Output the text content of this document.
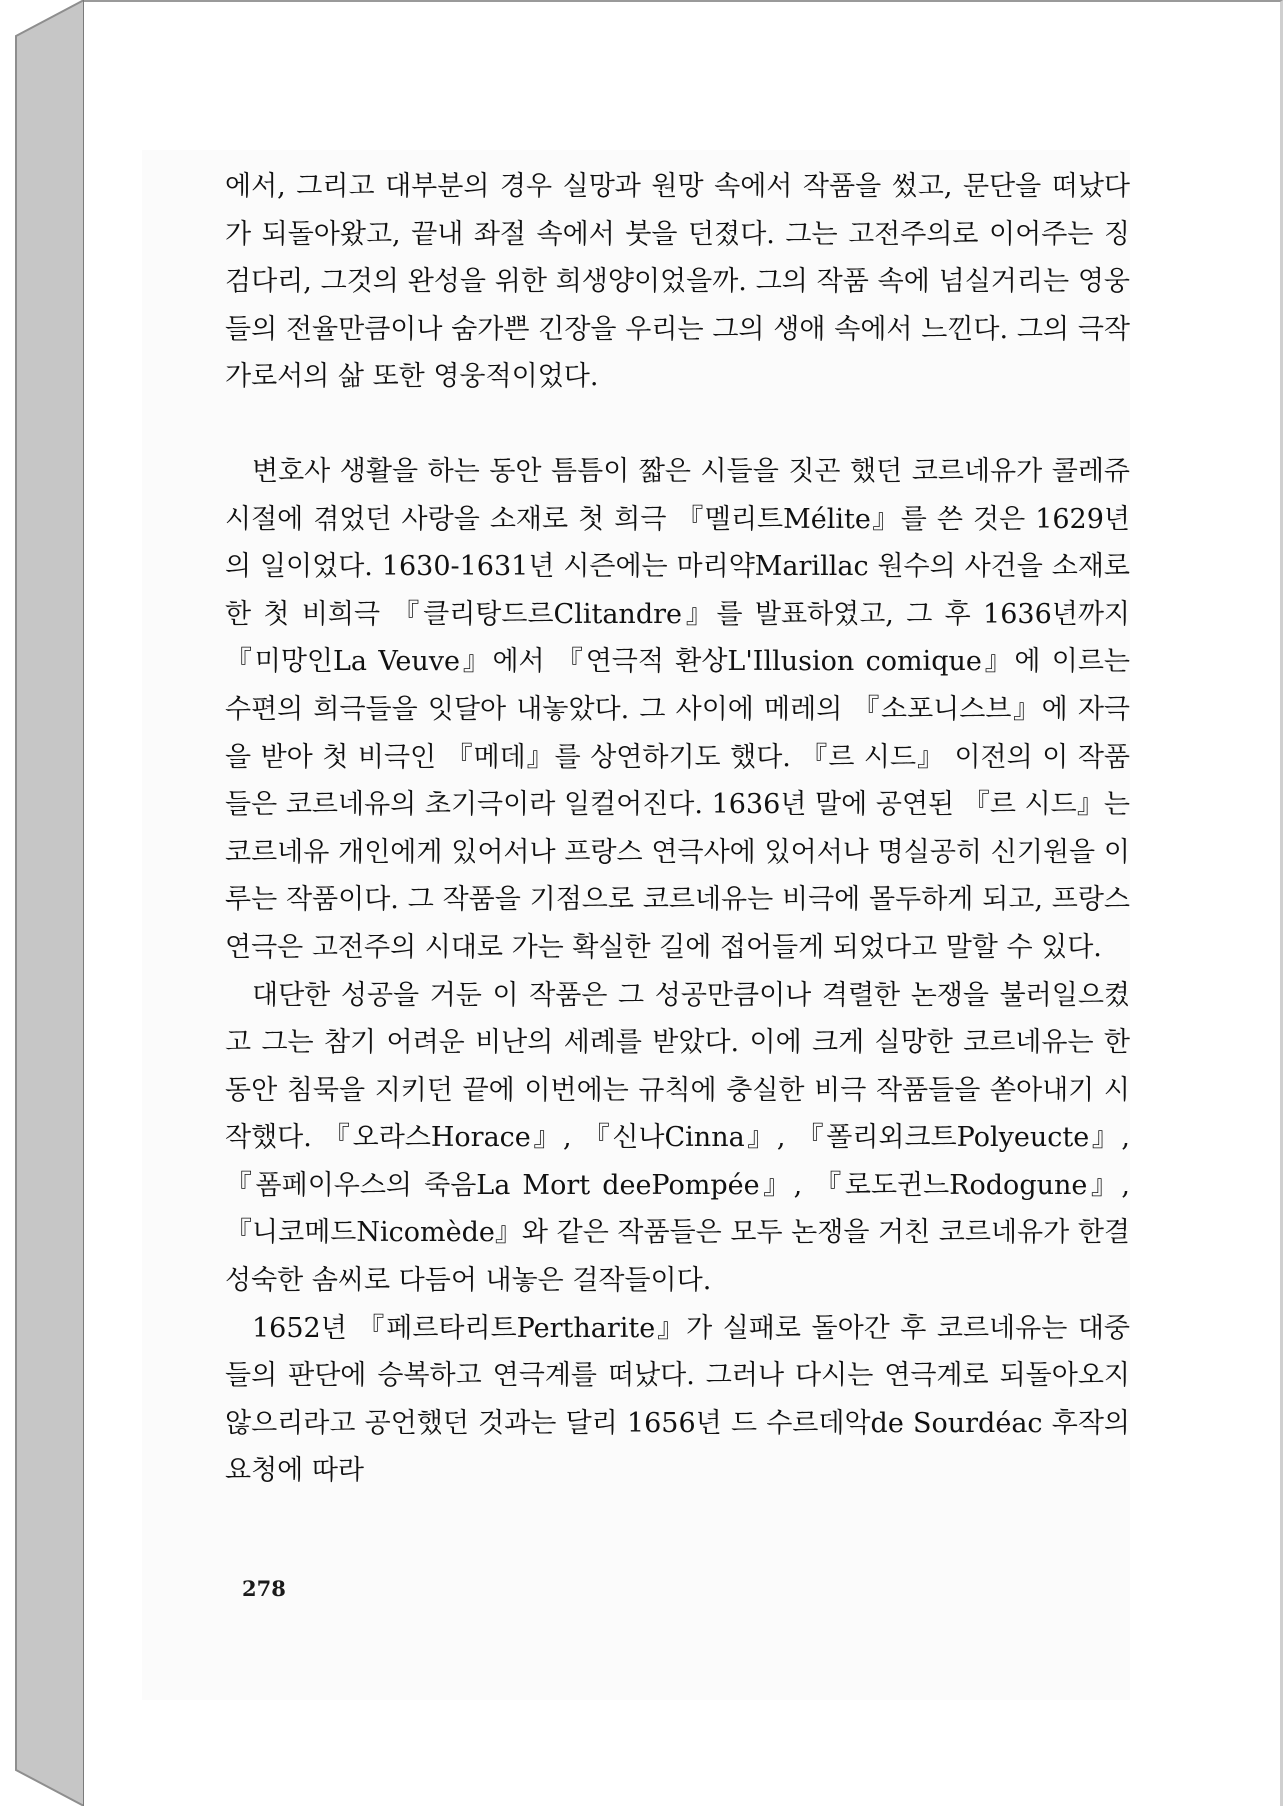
에서, 그리고 대부분의 경우 실망과 원망 속에서 작품을 썼고, 문단을 떠났다가 되돌아왔고, 끝내 좌절 속에서 붓을 던졌다. 그는 고전주의로 이어주는 징검다리, 그것의 완성을 위한 희생양이었을까. 그의 작품 속에 넘실거리는 영웅들의 전율만큼이나 숨가쁜 긴장을 우리는 그의 생애 속에서 느낀다. 그의 극작가로서의 삶 또한 영웅적이었다.

변호사 생활을 하는 동안 틈틈이 짧은 시들을 짓곤 했던 코르네유가 콜레쥬 시절에 겪었던 사랑을 소재로 첫 희극 『멜리트Mélite』를 쓴 것은 1629년의 일이었다. 1630-1631년 시즌에는 마리약Marillac 원수의 사건을 소재로 한 첫 비희극 『클리탕드르Clitandre』를 발표하였고, 그 후 1636년까지 『미망인La Veuve』에서 『연극적 환상L'Illusion comique』에 이르는 수편의 희극들을 잇달아 내놓았다. 그 사이에 메레의 『소포니스브』에 자극을 받아 첫 비극인 『메데』를 상연하기도 했다. 『르 시드』 이전의 이 작품들은 코르네유의 초기극이라 일컬어진다. 1636년 말에 공연된 『르 시드』는 코르네유 개인에게 있어서나 프랑스 연극사에 있어서나 명실공히 신기원을 이루는 작품이다. 그 작품을 기점으로 코르네유는 비극에 몰두하게 되고, 프랑스 연극은 고전주의 시대로 가는 확실한 길에 접어들게 되었다고 말할 수 있다.

대단한 성공을 거둔 이 작품은 그 성공만큼이나 격렬한 논쟁을 불러일으켰고 그는 참기 어려운 비난의 세례를 받았다. 이에 크게 실망한 코르네유는 한동안 침묵을 지키던 끝에 이번에는 규칙에 충실한 비극 작품들을 쏟아내기 시작했다. 『오라스Horace』, 『신나Cinna』, 『폴리외크트Polyeucte』, 『폼페이우스의 죽음La Mort deePompée』, 『로도귄느Rodogune』, 『니코메드Nicomède』와 같은 작품들은 모두 논쟁을 거친 코르네유가 한결 성숙한 솜씨로 다듬어 내놓은 걸작들이다.

1652년 『페르타리트Pertharite』가 실패로 돌아간 후 코르네유는 대중들의 판단에 승복하고 연극계를 떠났다. 그러나 다시는 연극계로 되돌아오지 않으리라고 공언했던 것과는 달리 1656년 드 수르데악de Sourdéac 후작의 요청에 따라

278
